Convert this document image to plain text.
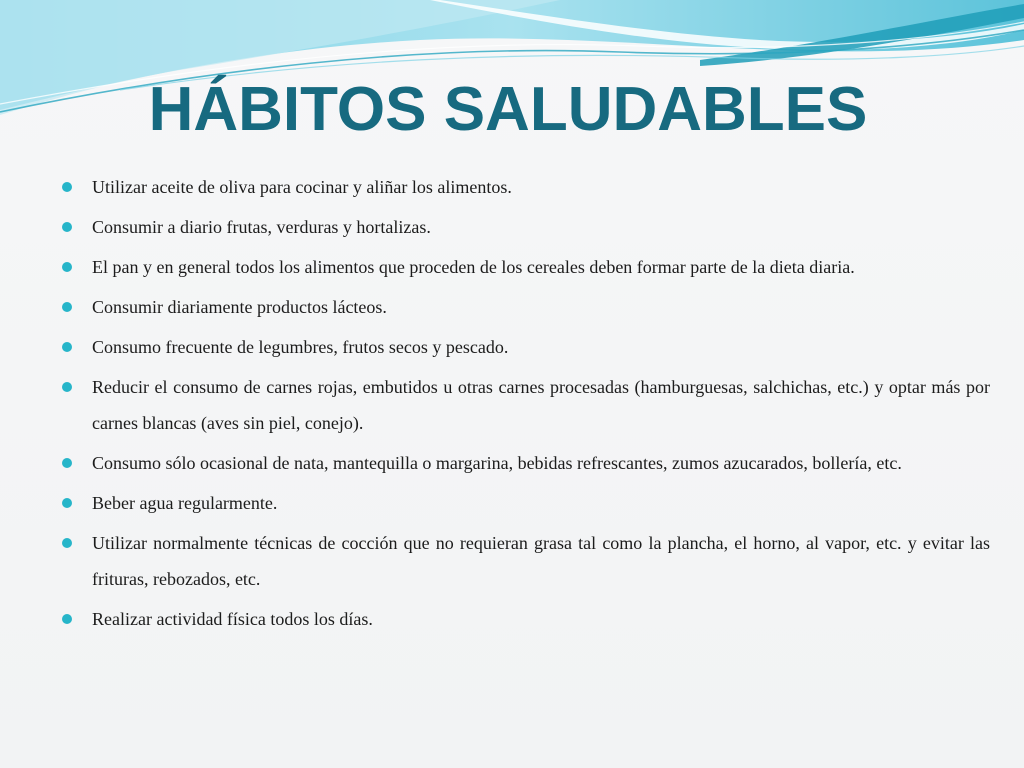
HÁBITOS SALUDABLES
Utilizar aceite de oliva para cocinar y aliñar los alimentos.
Consumir a diario frutas, verduras y hortalizas.
El pan y en general todos los alimentos que proceden de los cereales deben formar parte de la dieta diaria.
Consumir diariamente productos lácteos.
Consumo frecuente de legumbres, frutos secos y pescado.
Reducir el consumo de carnes rojas, embutidos u otras carnes procesadas (hamburguesas, salchichas, etc.) y optar más por carnes blancas (aves sin piel, conejo).
Consumo sólo ocasional de nata, mantequilla o margarina, bebidas refrescantes, zumos azucarados, bollería, etc.
Beber agua regularmente.
Utilizar normalmente técnicas de cocción que no requieran grasa tal como la plancha, el horno, al vapor, etc. y evitar las frituras, rebozados, etc.
Realizar actividad física todos los días.
